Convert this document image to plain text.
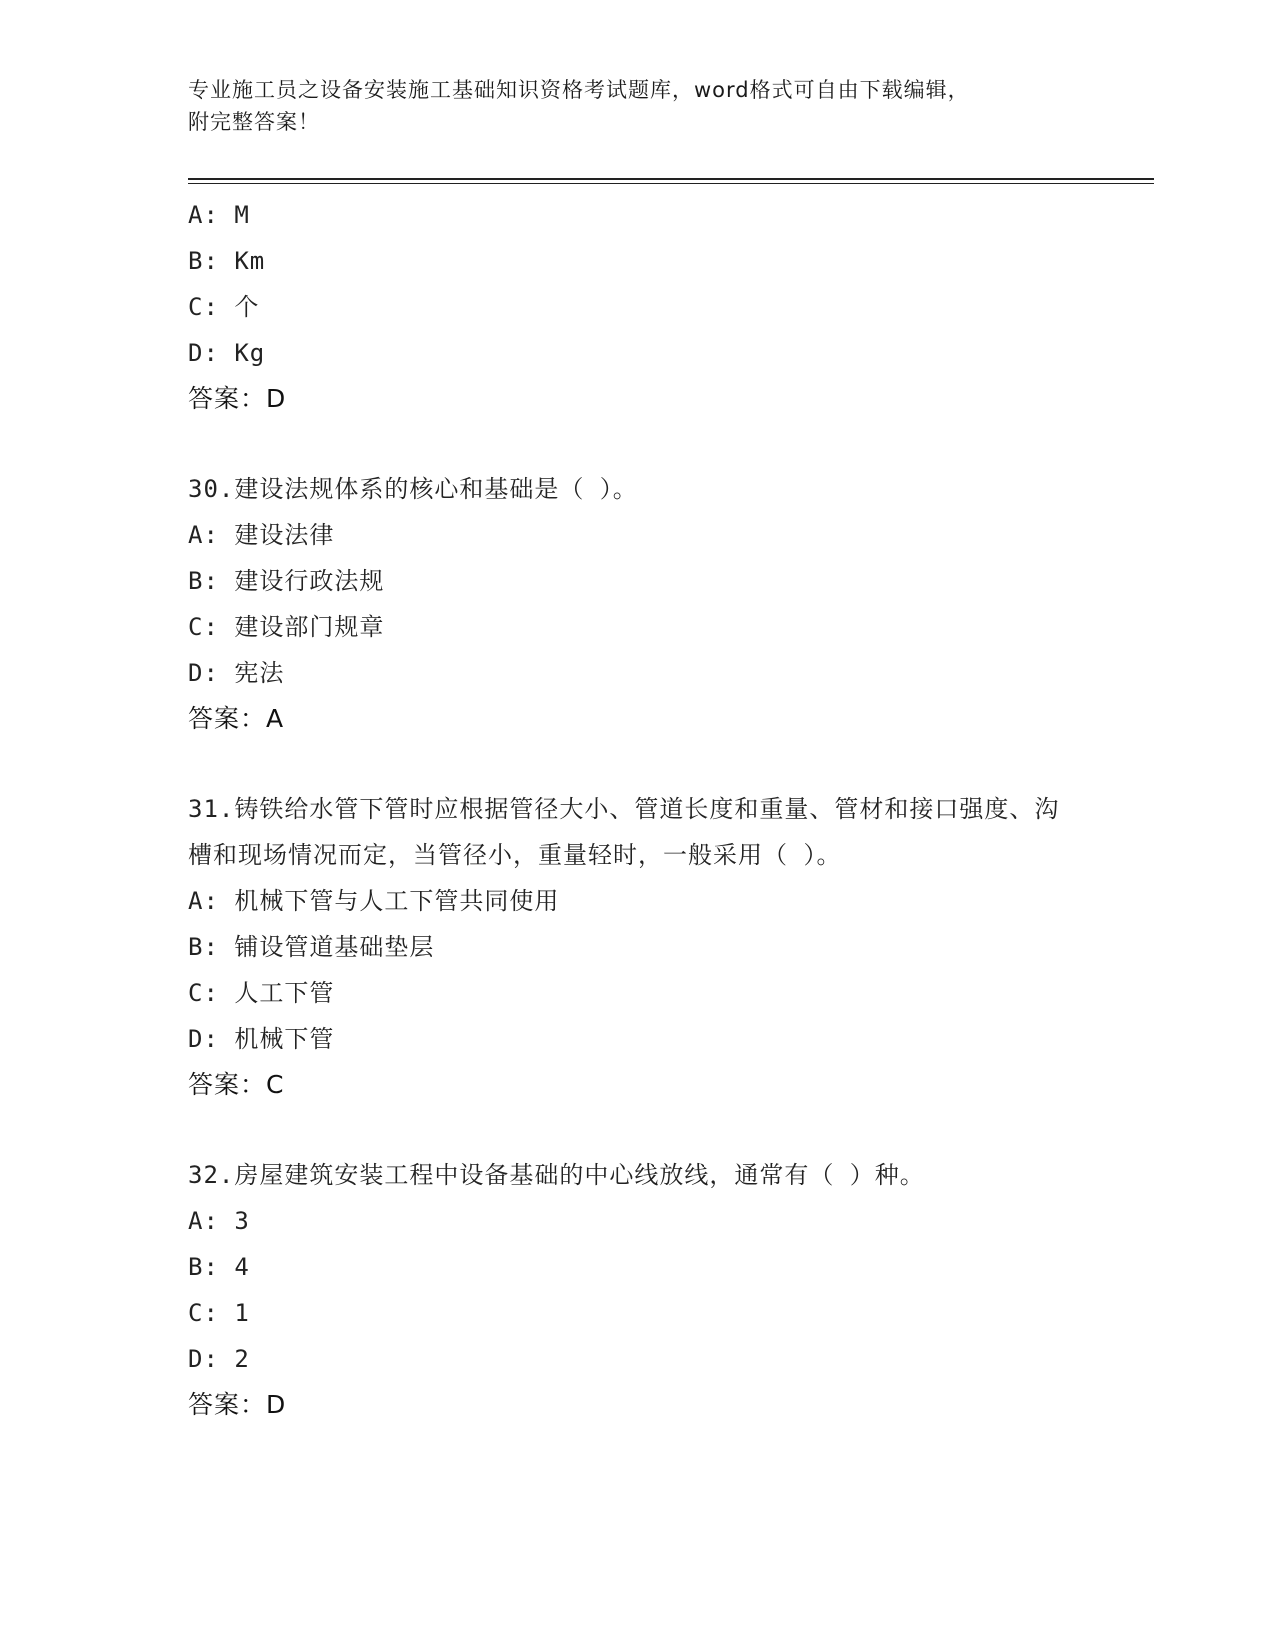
专业施工员之设备安装施工基础知识资格考试题库，word格式可自由下载编辑，
附完整答案！
A: M
B: Km
C: 个
D: Kg
答案：D
30.建设法规体系的核心和基础是（ ）。
A: 建设法律
B: 建设行政法规
C: 建设部门规章
D: 宪法
答案：A
31.铸铁给水管下管时应根据管径大小、管道长度和重量、管材和接口强度、沟槽和现场情况而定，当管径小，重量轻时，一般采用（ ）。
A: 机械下管与人工下管共同使用
B: 铺设管道基础垫层
C: 人工下管
D: 机械下管
答案：C
32.房屋建筑安装工程中设备基础的中心线放线，通常有（ ）种。
A: 3
B: 4
C: 1
D: 2
答案：D
